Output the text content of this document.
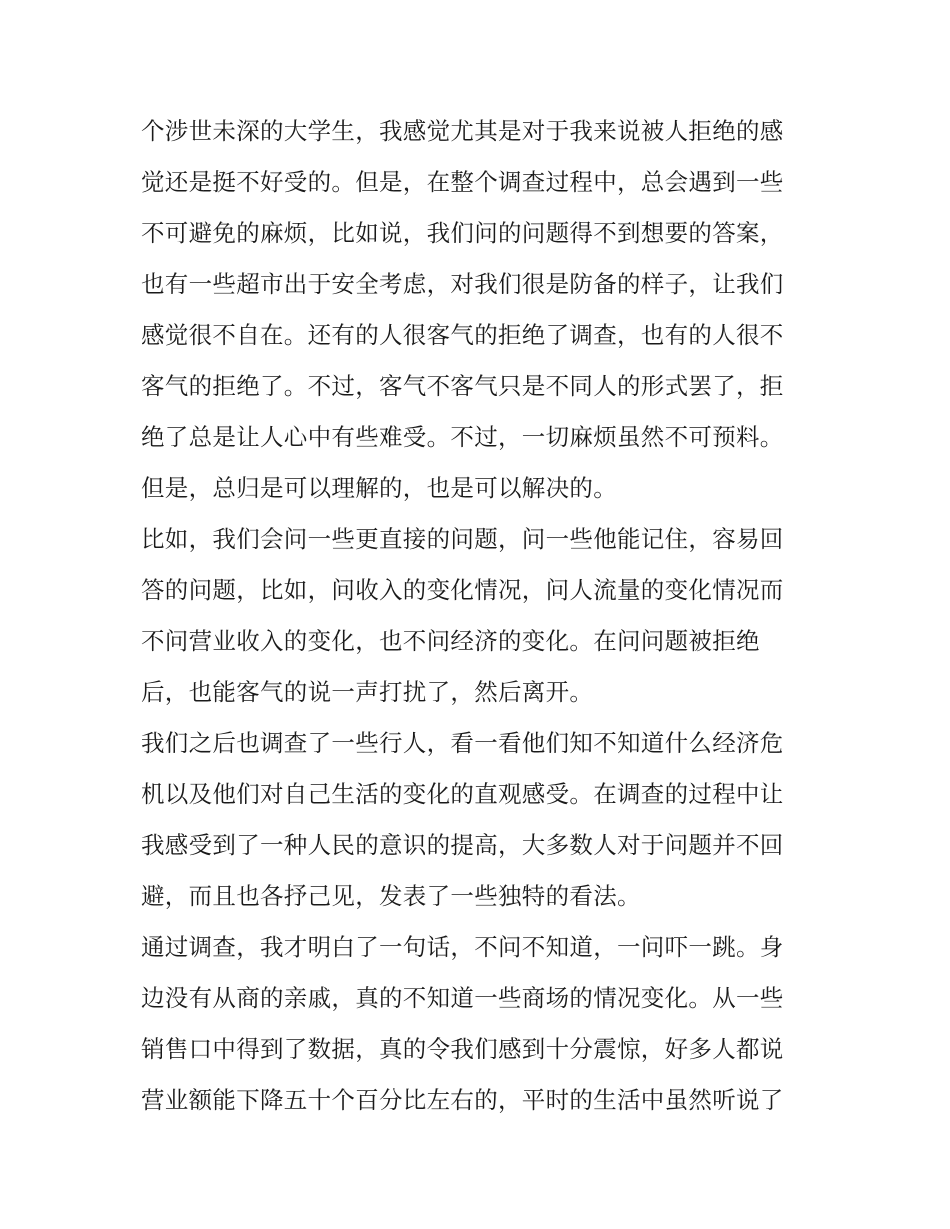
个涉世未深的大学生，我感觉尤其是对于我来说被人拒绝的感
觉还是挺不好受的。但是，在整个调查过程中，总会遇到一些
不可避免的麻烦，比如说，我们问的问题得不到想要的答案，
也有一些超市出于安全考虑，对我们很是防备的样子，让我们
感觉很不自在。还有的人很客气的拒绝了调查，也有的人很不
客气的拒绝了。不过，客气不客气只是不同人的形式罢了，拒
绝了总是让人心中有些难受。不过，一切麻烦虽然不可预料。
但是，总归是可以理解的，也是可以解决的。
比如，我们会问一些更直接的问题，问一些他能记住，容易回
答的问题，比如，问收入的变化情况，问人流量的变化情况而
不问营业收入的变化，也不问经济的变化。在问问题被拒绝
后，也能客气的说一声打扰了，然后离开。
我们之后也调查了一些行人，看一看他们知不知道什么经济危
机以及他们对自己生活的变化的直观感受。在调查的过程中让
我感受到了一种人民的意识的提高，大多数人对于问题并不回
避，而且也各抒己见，发表了一些独特的看法。
通过调查，我才明白了一句话，不问不知道，一问吓一跳。身
边没有从商的亲戚，真的不知道一些商场的情况变化。从一些
销售口中得到了数据，真的令我们感到十分震惊，好多人都说
营业额能下降五十个百分比左右的，平时的生活中虽然听说了
